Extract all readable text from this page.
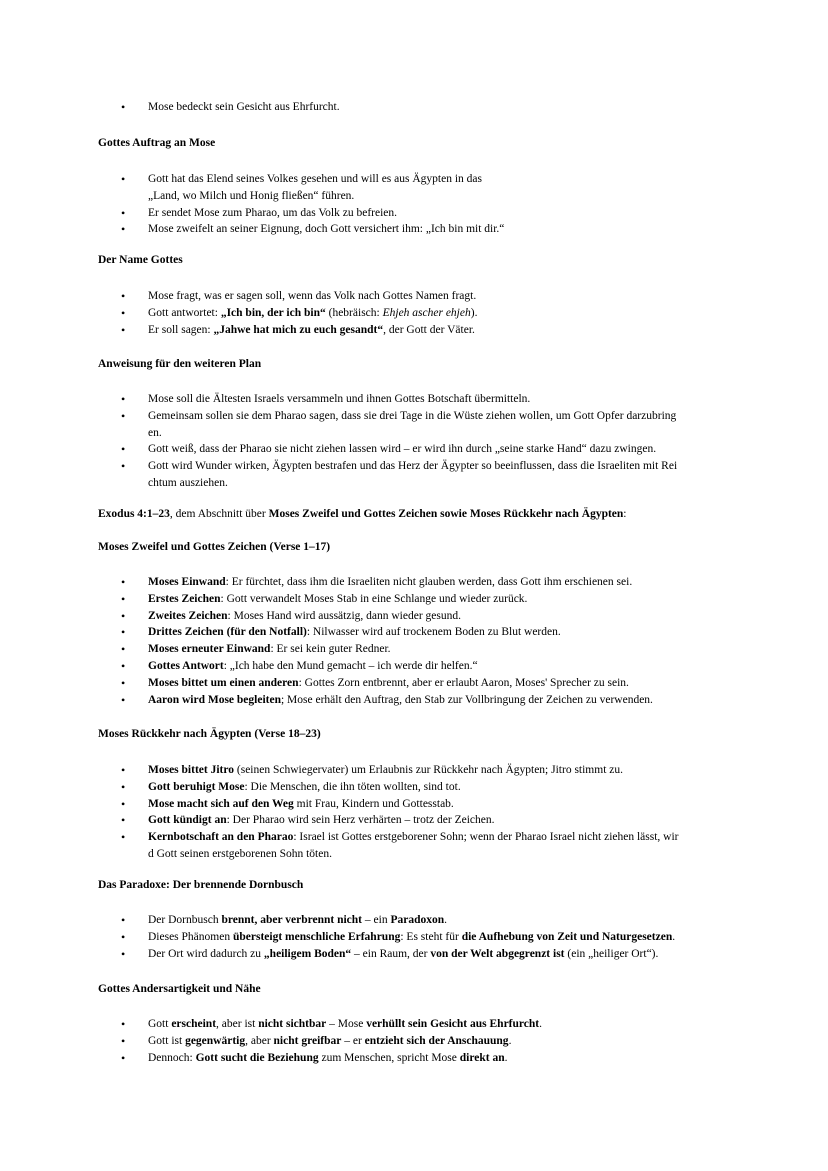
• Mose bedeckt sein Gesicht aus Ehrfurcht.
Gottes Auftrag an Mose
• Gott hat das Elend seines Volkes gesehen und will es aus Ägypten in das
„Land, wo Milch und Honig fließen“ führen.
• Er sendet Mose zum Pharao, um das Volk zu befreien.
• Mose zweifelt an seiner Eignung, doch Gott versichert ihm: „Ich bin mit dir.“
Der Name Gottes
• Mose fragt, was er sagen soll, wenn das Volk nach Gottes Namen fragt.
• Gott antwortet: „Ich bin, der ich bin“ (hebräisch: Ehjeh ascher ehjeh).
• Er soll sagen: „Jahwe hat mich zu euch gesandt“, der Gott der Väter.
Anweisung für den weiteren Plan
• Mose soll die Ältesten Israels versammeln und ihnen Gottes Botschaft übermitteln.
• Gemeinsam sollen sie dem Pharao sagen, dass sie drei Tage in die Wüste ziehen wollen, um Gott Opfer darzubring
en.
• Gott weiß, dass der Pharao sie nicht ziehen lassen wird – er wird ihn durch „seine starke Hand“ dazu zwingen.
• Gott wird Wunder wirken, Ägypten bestrafen und das Herz der Ägypter so beeinflussen, dass die Israeliten mit Rei
chtum ausziehen.

Exodus 4:1–23, dem Abschnitt über Moses Zweifel und Gottes Zeichen sowie Moses Rückkehr nach Ägypten:

Moses Zweifel und Gottes Zeichen (Verse 1–17)
• Moses Einwand: Er fürchtet, dass ihm die Israeliten nicht glauben werden, dass Gott ihm erschienen sei.
• Erstes Zeichen: Gott verwandelt Moses Stab in eine Schlange und wieder zurück.
• Zweites Zeichen: Moses Hand wird aussätzig, dann wieder gesund.
• Drittes Zeichen (für den Notfall): Nilwasser wird auf trockenem Boden zu Blut werden.
• Moses erneuter Einwand: Er sei kein guter Redner.
• Gottes Antwort: „Ich habe den Mund gemacht – ich werde dir helfen.“
• Moses bittet um einen anderen: Gottes Zorn entbrennt, aber er erlaubt Aaron, Moses' Sprecher zu sein.
• Aaron wird Mose begleiten; Mose erhält den Auftrag, den Stab zur Vollbringung der Zeichen zu verwenden.
Moses Rückkehr nach Ägypten (Verse 18–23)
• Moses bittet Jitro (seinen Schwiegervater) um Erlaubnis zur Rückkehr nach Ägypten; Jitro stimmt zu.
• Gott beruhigt Mose: Die Menschen, die ihn töten wollten, sind tot.
• Mose macht sich auf den Weg mit Frau, Kindern und Gottesstab.
• Gott kündigt an: Der Pharao wird sein Herz verhärten – trotz der Zeichen.
• Kernbotschaft an den Pharao: Israel ist Gottes erstgeborener Sohn; wenn der Pharao Israel nicht ziehen lässt, wir
d Gott seinen erstgeborenen Sohn töten.
Das Paradoxe: Der brennende Dornbusch
• Der Dornbusch brennt, aber verbrennt nicht – ein Paradoxon.
• Dieses Phänomen übersteigt menschliche Erfahrung: Es steht für die Aufhebung von Zeit und Naturgesetzen.
• Der Ort wird dadurch zu „heiligem Boden“ – ein Raum, der von der Welt abgegrenzt ist (ein „heiliger Ort“).
Gottes Andersartigkeit und Nähe
• Gott erscheint, aber ist nicht sichtbar – Mose verhüllt sein Gesicht aus Ehrfurcht.
• Gott ist gegenwärtig, aber nicht greifbar – er entzieht sich der Anschauung.
• Dennoch: Gott sucht die Beziehung zum Menschen, spricht Mose direkt an.
